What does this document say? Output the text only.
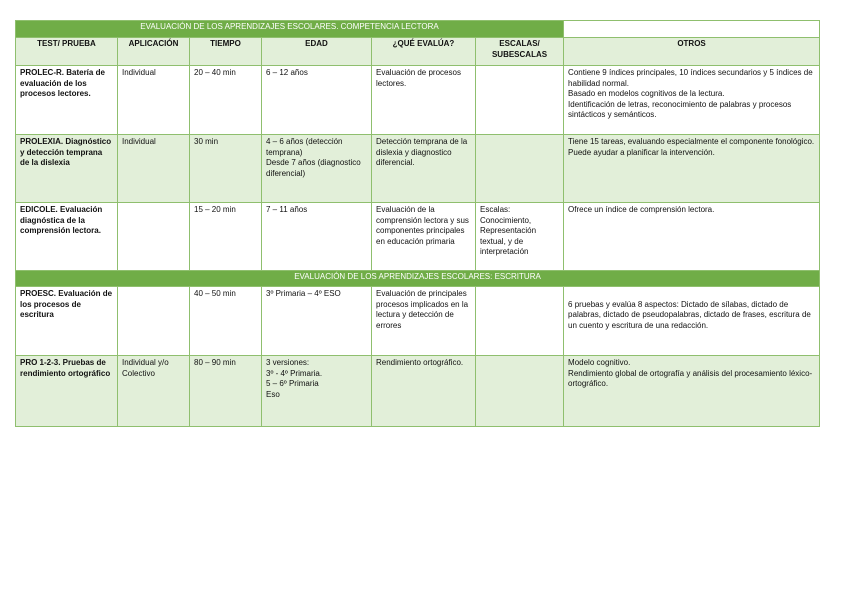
EVALUACIÓN DE LOS APRENDIZAJES ESCOLARES. COMPETENCIA LECTORA						
TEST/ PRUEBA	APLICACIÓN	TIEMPO	EDAD	¿QUÉ EVALÚA?	ESCALAS/ SUBESCALAS	OTROS
PROLEC-R. Batería de evaluación de los procesos lectores.	Individual	20 – 40 min	6 – 12 años	Evaluación de procesos lectores.		Contiene 9 índices principales, 10 índices secundarios y 5 índices de habilidad normal.
Basado en modelos cognitivos de la lectura.
Identificación de letras, reconocimiento de palabras y procesos sintácticos y semánticos.

PROLEXIA. Diagnóstico y detección temprana de la dislexia	Individual	30 min	4 – 6 años (detección temprana)
Desde 7 años (diagnostico diferencial)	Detección temprana de la dislexia y diagnostico diferencial.		Tiene 15 tareas, evaluando especialmente el componente fonológico.
Puede ayudar a planificar la intervención.

EDICOLE. Evaluación diagnóstica de la comprensión lectora.		15 – 20 min	7 – 11 años	Evaluación de la comprensión lectora y sus componentes principales en educación primaria	Escalas: Conocimiento, Representación textual, y de interpretación	Ofrece un índice de comprensión lectora.

EVALUACIÓN DE LOS APRENDIZAJES ESCOLARES: ESCRITURA						
PROESC. Evaluación de los procesos de escritura		40 – 50 min	3º Primaria – 4º ESO	Evaluación de principales procesos implicados en la lectura y detección de errores		6 pruebas y evalúa 8 aspectos: Dictado de sílabas, dictado de palabras, dictado de pseudopalabras, dictado de frases, escritura de un cuento y escritura de una redacción.

PRO 1-2-3. Pruebas de rendimiento ortográfico	Individual y/o Colectivo	80 – 90 min	3 versiones:
3º - 4º Primaria.
5 – 6º Primaria
Eso	Rendimiento ortográfico.		Modelo cognitivo.
Rendimiento global de ortografía y análisis del procesamiento léxico-ortográfico.
